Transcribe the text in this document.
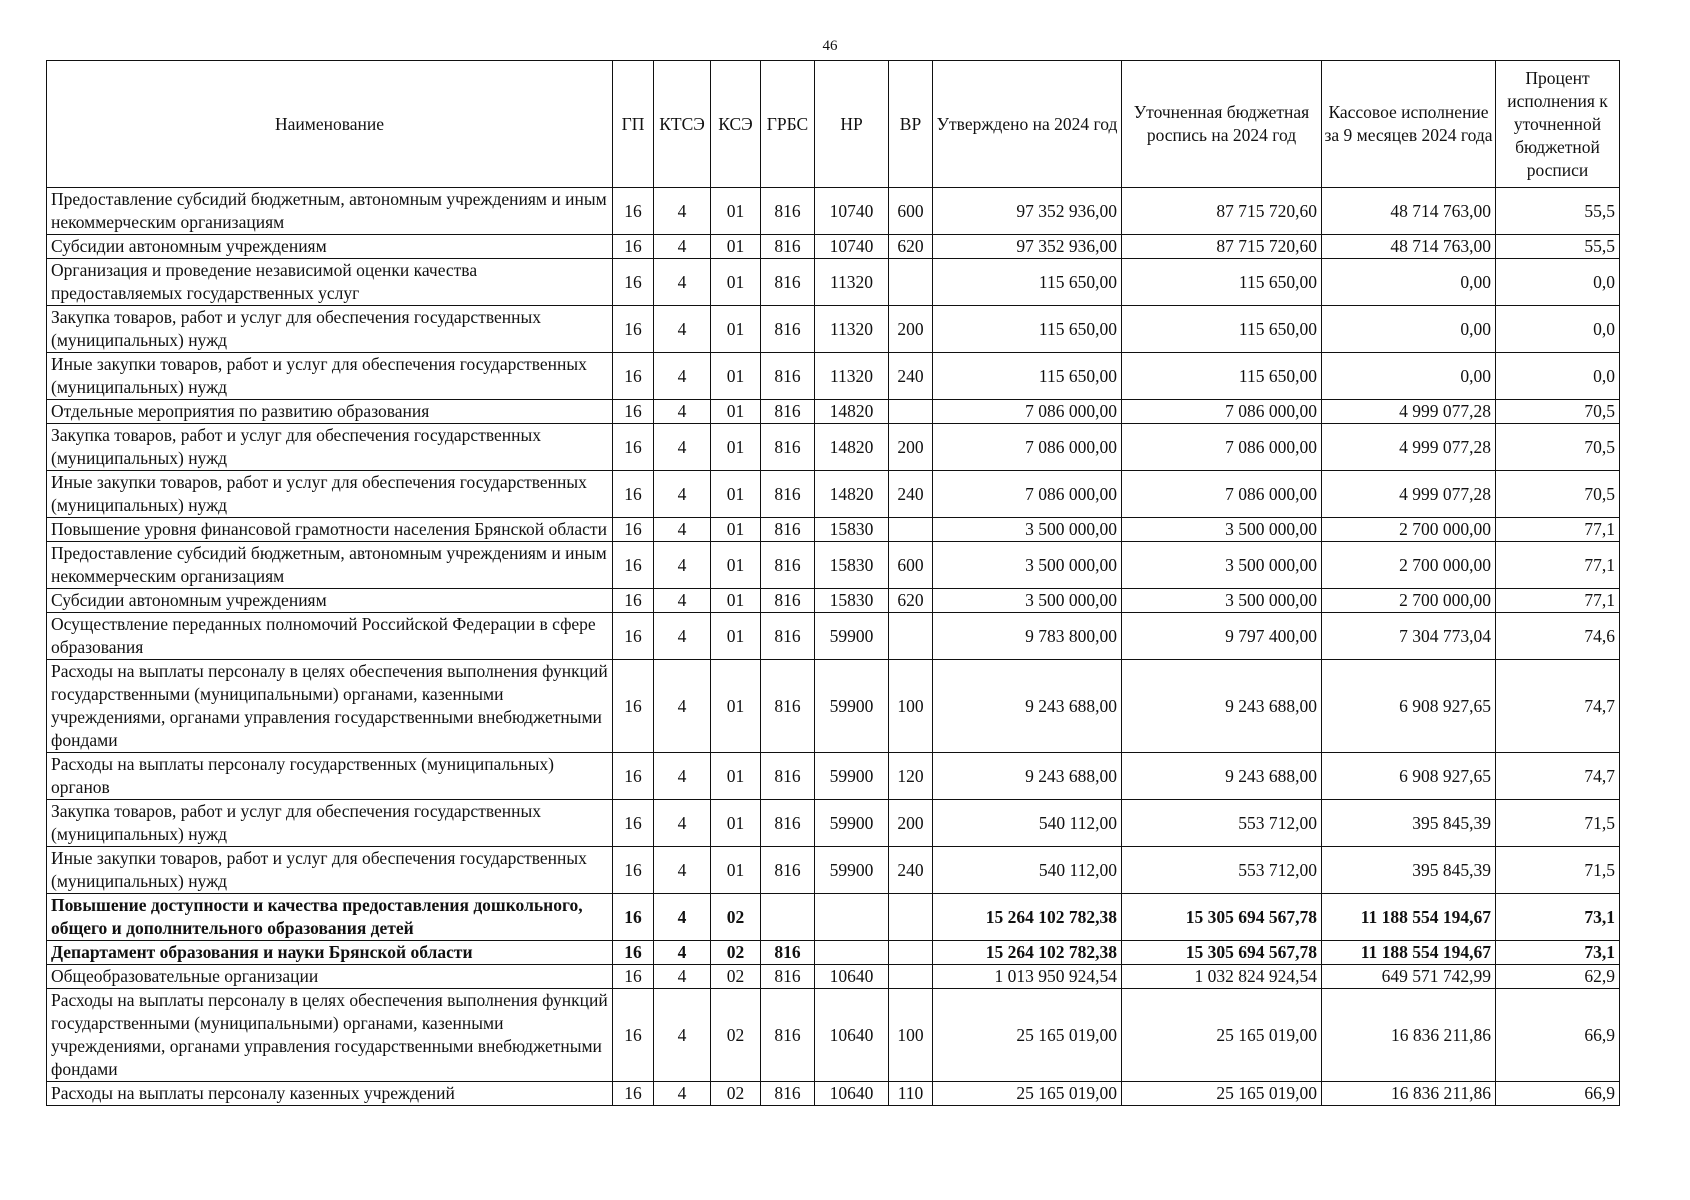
46
Наименование	ГП	КТСЭ	КСЭ	ГРБС	НР	ВР	Утверждено на 2024 год	Уточненная бюджетная роспись на 2024 год	Кассовое исполнение за 9 месяцев 2024 года	Процент исполнения к уточненной бюджетной росписи
Предоставление субсидий бюджетным, автономным учреждениям и иным некоммерческим организациям	16	4	01	816	10740	600	97 352 936,00	87 715 720,60	48 714 763,00	55,5
Субсидии автономным учреждениям	16	4	01	816	10740	620	97 352 936,00	87 715 720,60	48 714 763,00	55,5
Организация и проведение независимой оценки качества предоставляемых государственных услуг	16	4	01	816	11320		115 650,00	115 650,00	0,00	0,0
Закупка товаров, работ и услуг для обеспечения государственных (муниципальных) нужд	16	4	01	816	11320	200	115 650,00	115 650,00	0,00	0,0
Иные закупки товаров, работ и услуг для обеспечения государственных (муниципальных) нужд	16	4	01	816	11320	240	115 650,00	115 650,00	0,00	0,0
Отдельные мероприятия по развитию образования	16	4	01	816	14820		7 086 000,00	7 086 000,00	4 999 077,28	70,5
Закупка товаров, работ и услуг для обеспечения государственных (муниципальных) нужд	16	4	01	816	14820	200	7 086 000,00	7 086 000,00	4 999 077,28	70,5
Иные закупки товаров, работ и услуг для обеспечения государственных (муниципальных) нужд	16	4	01	816	14820	240	7 086 000,00	7 086 000,00	4 999 077,28	70,5
Повышение уровня финансовой грамотности населения Брянской области	16	4	01	816	15830		3 500 000,00	3 500 000,00	2 700 000,00	77,1
Предоставление субсидий бюджетным, автономным учреждениям и иным некоммерческим организациям	16	4	01	816	15830	600	3 500 000,00	3 500 000,00	2 700 000,00	77,1
Субсидии автономным учреждениям	16	4	01	816	15830	620	3 500 000,00	3 500 000,00	2 700 000,00	77,1
Осуществление переданных полномочий Российской Федерации в сфере образования	16	4	01	816	59900		9 783 800,00	9 797 400,00	7 304 773,04	74,6
Расходы на выплаты персоналу в целях обеспечения выполнения функций государственными (муниципальными) органами, казенными учреждениями, органами управления государственными внебюджетными фондами	16	4	01	816	59900	100	9 243 688,00	9 243 688,00	6 908 927,65	74,7
Расходы на выплаты персоналу государственных (муниципальных) органов	16	4	01	816	59900	120	9 243 688,00	9 243 688,00	6 908 927,65	74,7
Закупка товаров, работ и услуг для обеспечения государственных (муниципальных) нужд	16	4	01	816	59900	200	540 112,00	553 712,00	395 845,39	71,5
Иные закупки товаров, работ и услуг для обеспечения государственных (муниципальных) нужд	16	4	01	816	59900	240	540 112,00	553 712,00	395 845,39	71,5
Повышение доступности и качества предоставления дошкольного, общего и дополнительного образования детей	16	4	02				15 264 102 782,38	15 305 694 567,78	11 188 554 194,67	73,1
Департамент образования и науки Брянской области	16	4	02	816			15 264 102 782,38	15 305 694 567,78	11 188 554 194,67	73,1
Общеобразовательные организации	16	4	02	816	10640		1 013 950 924,54	1 032 824 924,54	649 571 742,99	62,9
Расходы на выплаты персоналу в целях обеспечения выполнения функций государственными (муниципальными) органами, казенными учреждениями, органами управления государственными внебюджетными фондами	16	4	02	816	10640	100	25 165 019,00	25 165 019,00	16 836 211,86	66,9
Расходы на выплаты персоналу казенных учреждений	16	4	02	816	10640	110	25 165 019,00	25 165 019,00	16 836 211,86	66,9
